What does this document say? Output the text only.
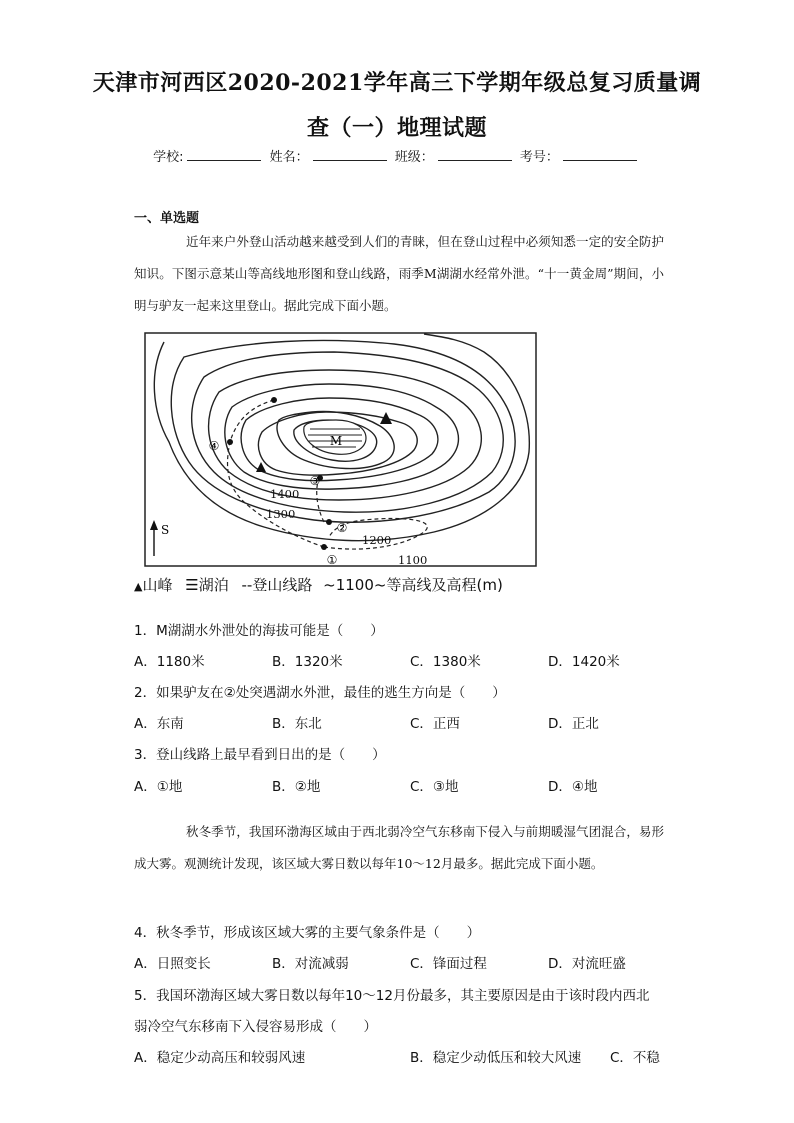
天津市河西区2020-2021学年高三下学期年级总复习质量调
查（一）地理试题
学校:	姓名：	班级：	考号：
一、单选题
近年来户外登山活动越来越受到人们的青睐，但在登山过程中必须知悉一定的安全防护知识。下图示意某山等高线地形图和登山线路，雨季M湖湖水经常外泄。“十一黄金周”期间，小明与驴友一起来这里登山。据此完成下面小题。
M
①
②
③
④
1100
1200
1300
1400
S
▲山峰 ☰湖泊 --登山线路 ~1100~等高线及高程(m)
1．M湖湖水外泄处的海拔可能是（　　）
A．1180米	B．1320米	C．1380米	D．1420米
2．如果驴友在②处突遇湖水外泄，最佳的逃生方向是（　　）
A．东南	B．东北	C．正西	D．正北
3．登山线路上最早看到日出的是（　　）
A．①地	B．②地	C．③地	D．④地
秋冬季节，我国环渤海区域由于西北弱冷空气东移南下侵入与前期暖湿气团混合，易形成大雾。观测统计发现，该区域大雾日数以每年10～12月最多。据此完成下面小题。
4．秋冬季节，形成该区域大雾的主要气象条件是（　　）
A．日照变长	B．对流减弱	C．锋面过程	D．对流旺盛
5．我国环渤海区域大雾日数以每年10～12月份最多，其主要原因是由于该时段内西北
弱冷空气东移南下入侵容易形成（　　）
A．稳定少动高压和较弱风速	B．稳定少动低压和较大风速 C．不稳
